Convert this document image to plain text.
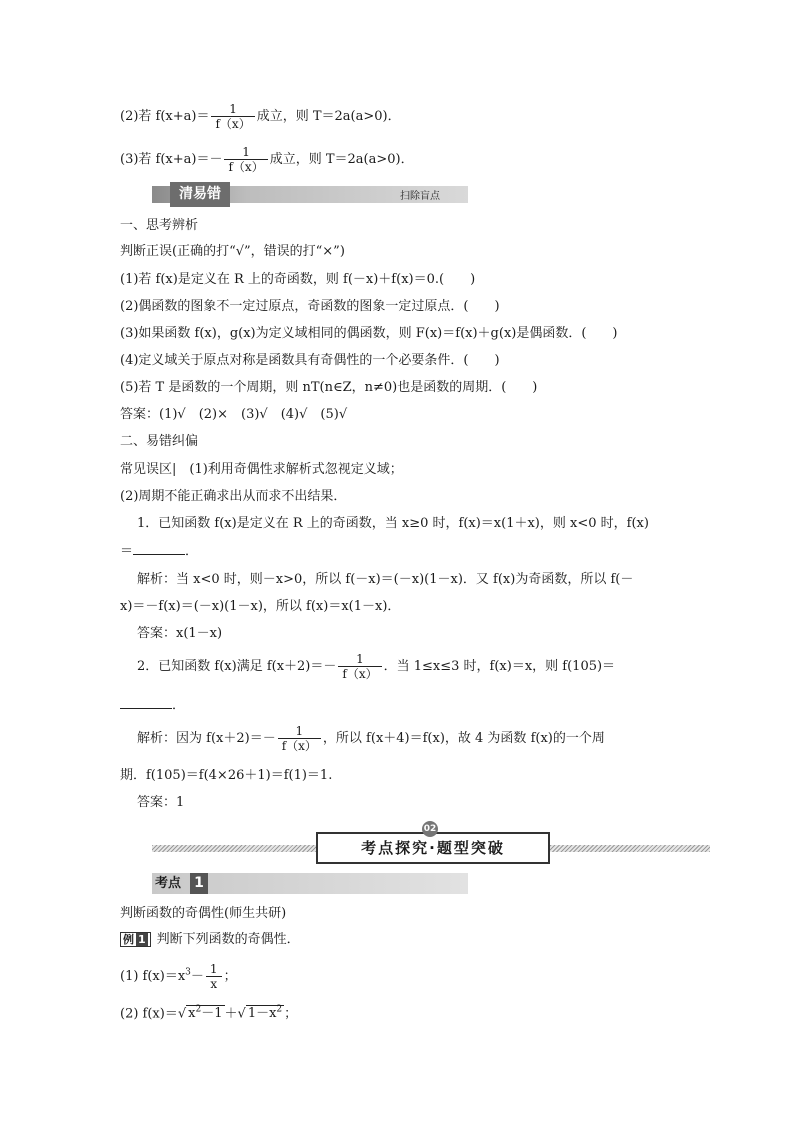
(2)若 $f(x+a)= \frac{1}{f(x)}$ 成立，则 T＝2a(a>0)．
(3)若 $f(x+a)=- \frac{1}{f(x)}$ 成立，则 T＝2a(a>0)．
清易错	扫除盲点
一、思考辨析
判断正误(正确的打“√”，错误的打“×”)
(1)若 f(x)是定义在 R 上的奇函数，则 f(－x)＋f(x)＝0.(　　)
(2)偶函数的图象不一定过原点，奇函数的图象一定过原点．(　　)
(3)如果函数 f(x)，g(x)为定义域相同的偶函数，则 F(x)＝f(x)＋g(x)是偶函数．(　　)
(4)定义域关于原点对称是函数具有奇偶性的一个必要条件．(　　)
(5)若 T 是函数的一个周期，则 nT(n∈Z，n≠0)也是函数的周期．(　　)
答案：(1)√　(2)×　(3)√　(4)√　(5)√
二、易错纠偏
常见误区|　(1)利用奇偶性求解析式忽视定义域；
(2)周期不能正确求出从而求不出结果．
1．已知函数 f(x)是定义在 R 上的奇函数，当 x≥0 时，f(x)＝x(1＋x)，则 x<0 时，f(x)
＝	．
解析：当 x<0 时，则－x>0，所以 f(－x)＝(－x)(1－x)．又 f(x)为奇函数，所以 f(－
x)＝－f(x)＝(－x)(1－x)，所以 f(x)＝x(1－x)．
答案：x(1－x)
2．已知函数 f(x)满足 $f(x+2)=- \frac{1}{f(x)}$ ．当 1≤x≤3 时，f(x)＝x，则 f(105)＝
．
解析：因为 $f(x+2)=- \frac{1}{f(x)}$ ，所以 f(x＋4)＝f(x)，故 4 为函数 f(x)的一个周
期．f(105)＝f(4×26＋1)＝f(1)＝1.
答案：1
考点探究·题型突破
02
考点 1
判断函数的奇偶性(师生共研)
例 1 判断下列函数的奇偶性．
(1) $f(x)=x^3- \frac{1}{x}$ ；
(2) f(x)＝√ $x^2-1$ ＋√ $1-x^2$ ；
